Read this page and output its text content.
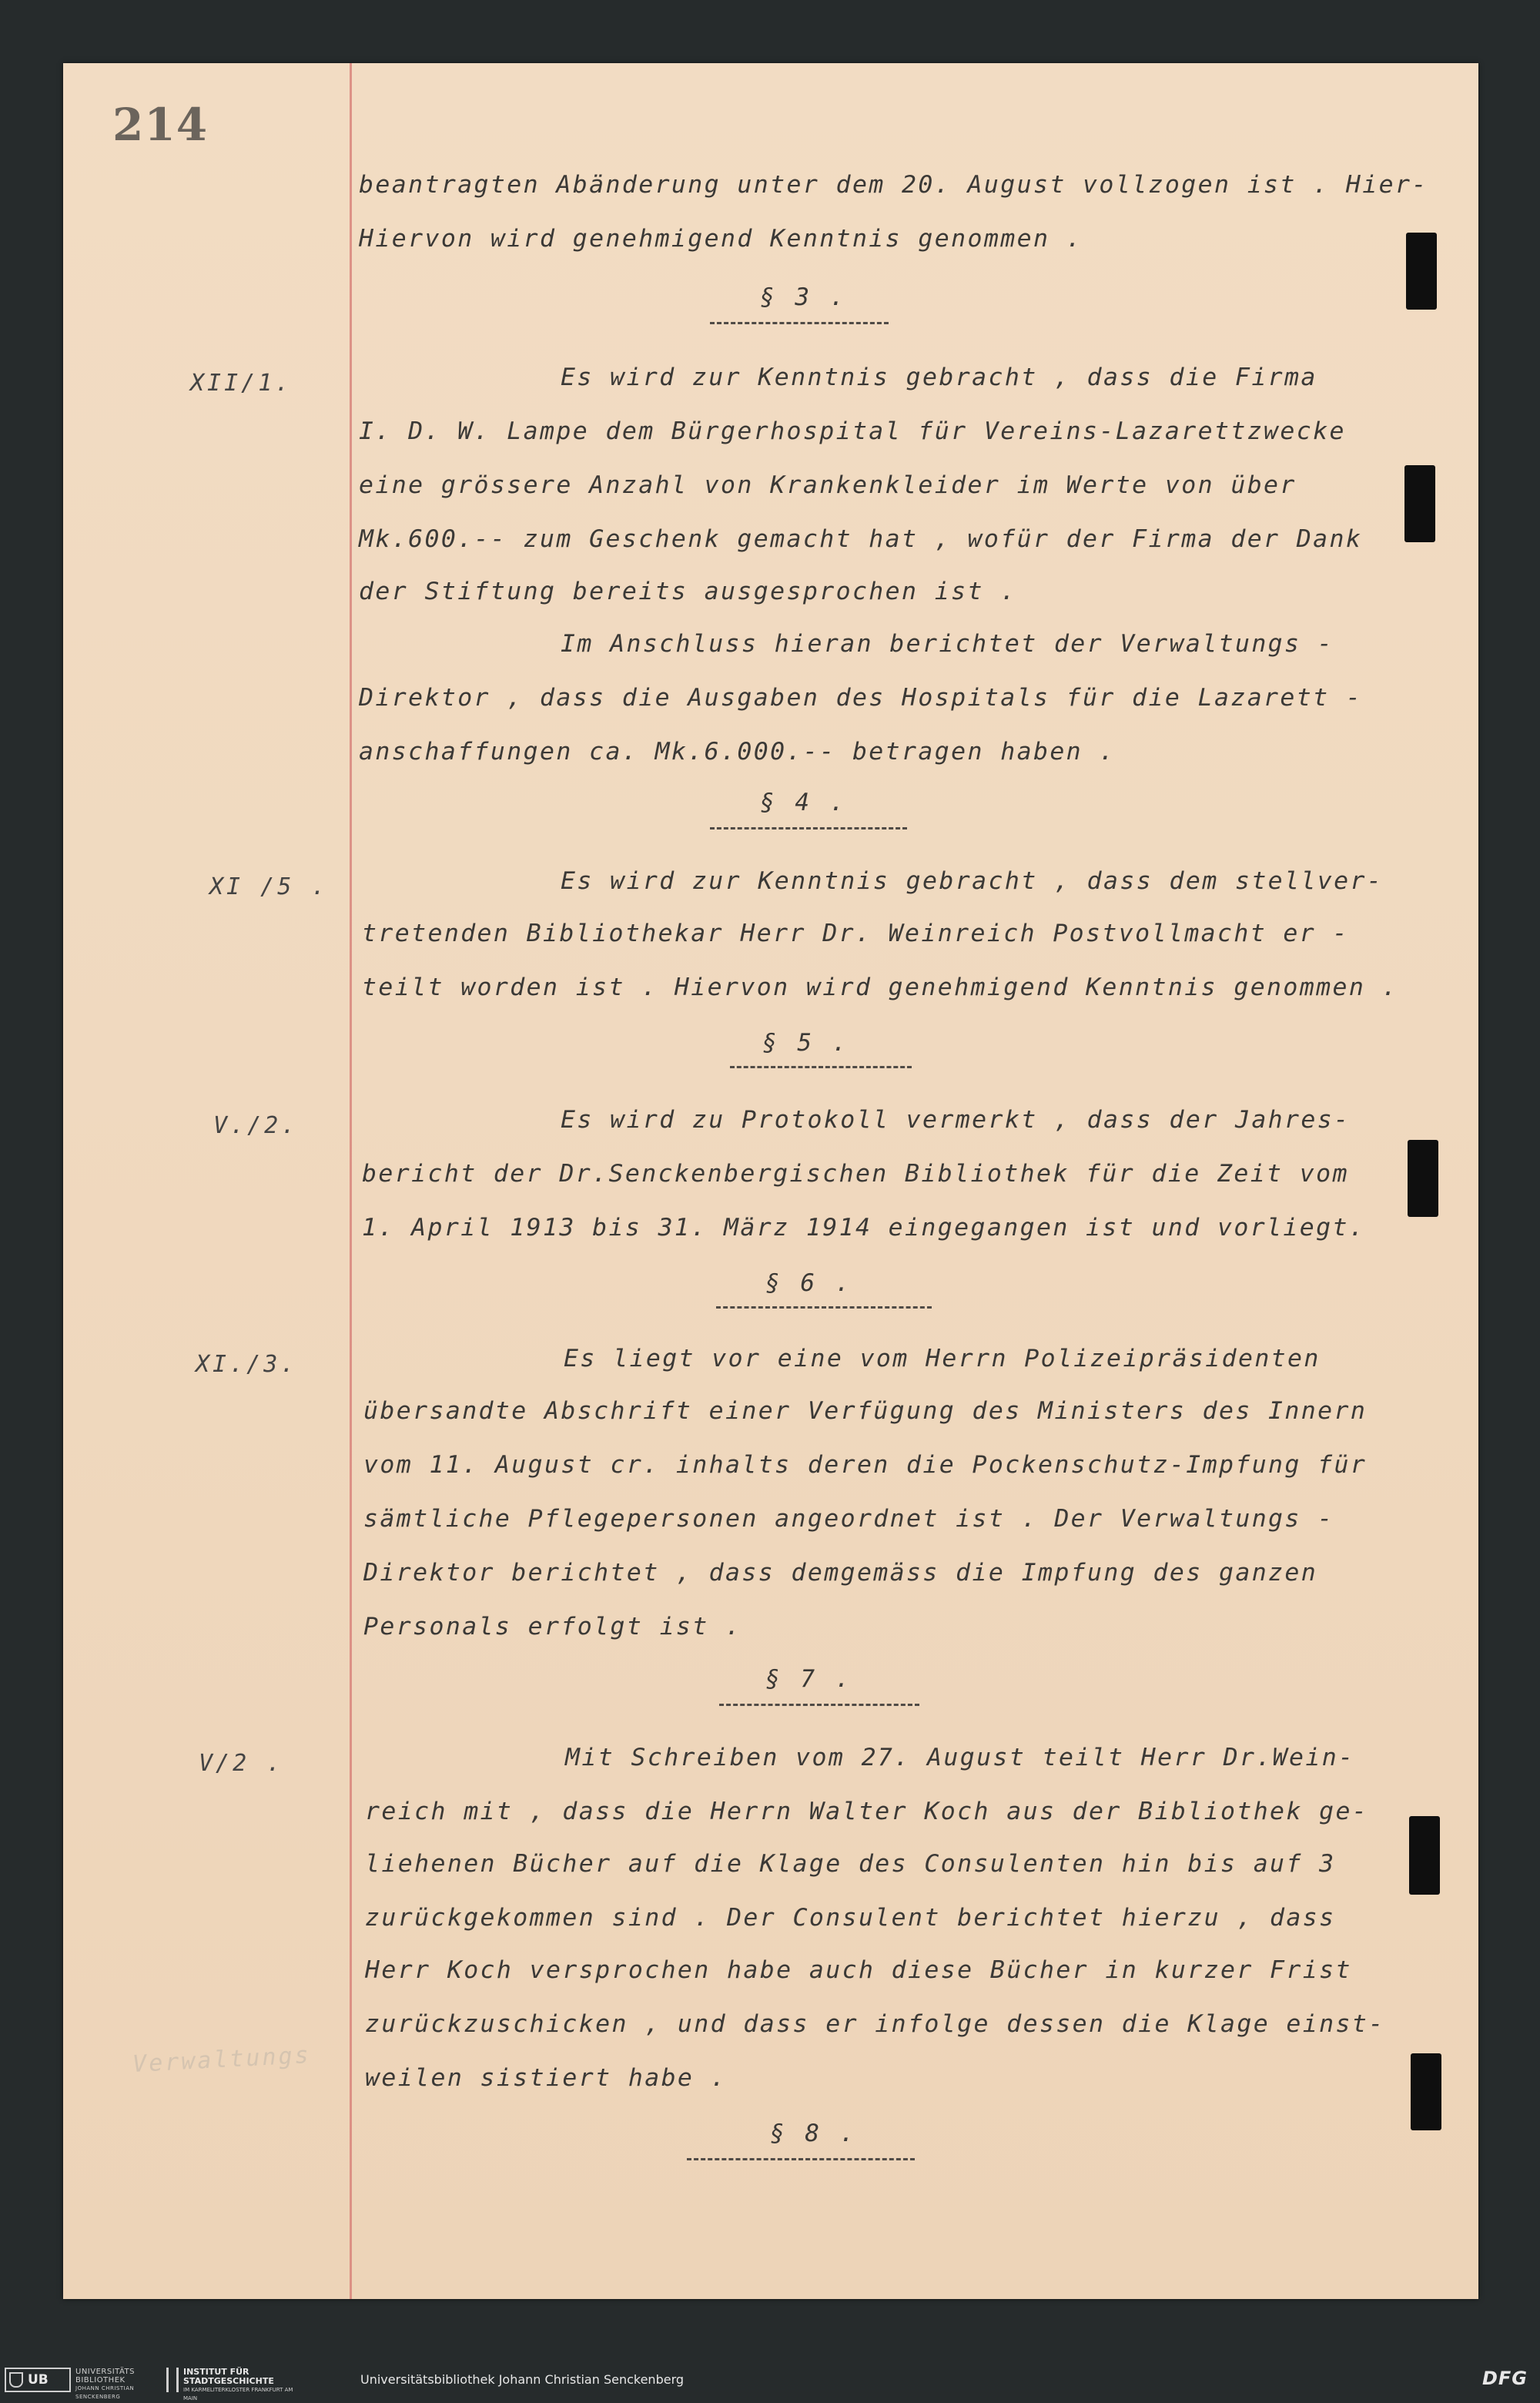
214
beantragten Abänderung unter dem 20. August vollzogen ist . Hier-
Hiervon wird genehmigend Kenntnis genommen .
§ 3 .
XII/1.	Es wird zur Kenntnis gebracht , dass die Firma
I. D. W. Lampe dem Bürgerhospital für Vereins-Lazarettzwecke
eine grössere Anzahl von Krankenkleider im Werte von über
Mk.600.-- zum Geschenk gemacht hat , wofür der Firma der Dank
der Stiftung bereits ausgesprochen ist .
Im Anschluss hieran berichtet der Verwaltungs -
Direktor , dass die Ausgaben des Hospitals für die Lazarett -
anschaffungen ca. Mk.6.000.-- betragen haben .
§ 4 .
XI /5 .	Es wird zur Kenntnis gebracht , dass dem stellver-
tretenden Bibliothekar Herr Dr. Weinreich Postvollmacht er -
teilt worden ist . Hiervon wird genehmigend Kenntnis genommen .
§ 5 .
V./2.	Es wird zu Protokoll vermerkt , dass der Jahres-
bericht der Dr.Senckenbergischen Bibliothek für die Zeit vom
1. April 1913 bis 31. März 1914 eingegangen ist und vorliegt.
§ 6 .
XI./3.	Es liegt vor eine vom Herrn Polizeipräsidenten
übersandte Abschrift einer Verfügung des Ministers des Innern
vom 11. August cr. inhalts deren die Pockenschutz-Impfung für
sämtliche Pflegepersonen angeordnet ist . Der Verwaltungs -
Direktor berichtet , dass demgemäss die Impfung des ganzen
Personals erfolgt ist .
§ 7 .
V/2 .	Mit Schreiben vom 27. August teilt Herr Dr.Wein-
reich mit , dass die Herrn Walter Koch aus der Bibliothek ge-
liehenen Bücher auf die Klage des Consulenten hin bis auf 3
zurückgekommen sind . Der Consulent berichtet hierzu , dass
Herr Koch versprochen habe auch diese Bücher in kurzer Frist
zurückzuschicken , und dass er infolge dessen die Klage einst-
weilen sistiert habe .
§ 8 .
Verwaltungs
UB
UNIVERSITÄTS
BIBLIOTHEK
JOHANN CHRISTIAN SENCKENBERG
INSTITUT FÜR STADTGESCHICHTE
IM KARMELITERKLOSTER FRANKFURT AM MAIN
Universitätsbibliothek Johann Christian Senckenberg	DFG
